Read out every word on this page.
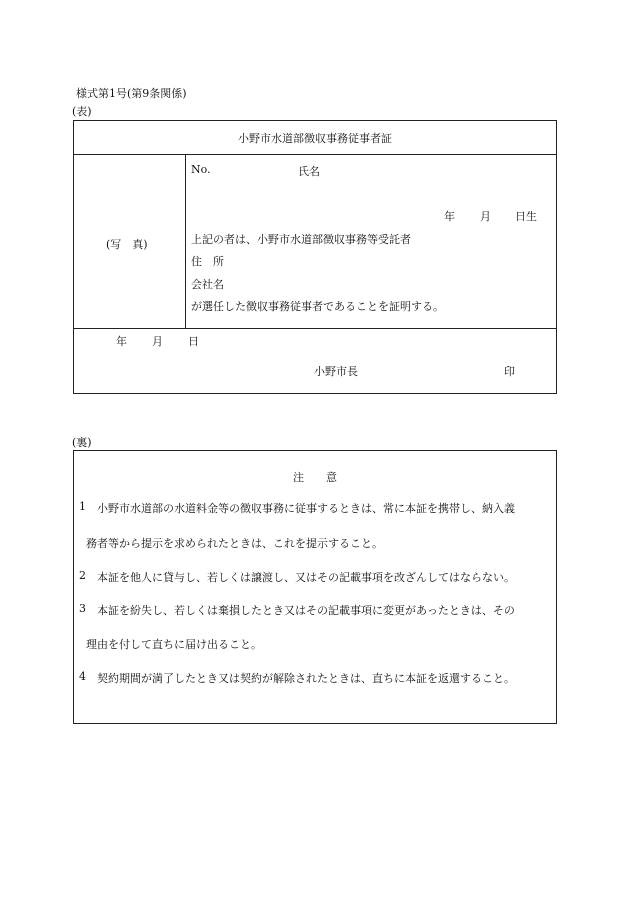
様式第1号(第9条関係)
(表)
小野市水道部徴収事務従事者証
(写　真)
No.	氏名
年 月 日生
上記の者は、小野市水道部徴収事務等受託者
住　所
会社名
が選任した徴収事務従事者であることを証明する。
年 月 日
小野市長	印
(裏)
注　　意
1 小野市水道部の水道料金等の徴収事務に従事するときは、常に本証を携帯し、納入義
務者等から提示を求められたときは、これを提示すること。
2 本証を他人に貸与し、若しくは譲渡し、又はその記載事項を改ざんしてはならない。
3 本証を紛失し、若しくは棄損したとき又はその記載事項に変更があったときは、その
理由を付して直ちに届け出ること。
4 契約期間が満了したとき又は契約が解除されたときは、直ちに本証を返還すること。
